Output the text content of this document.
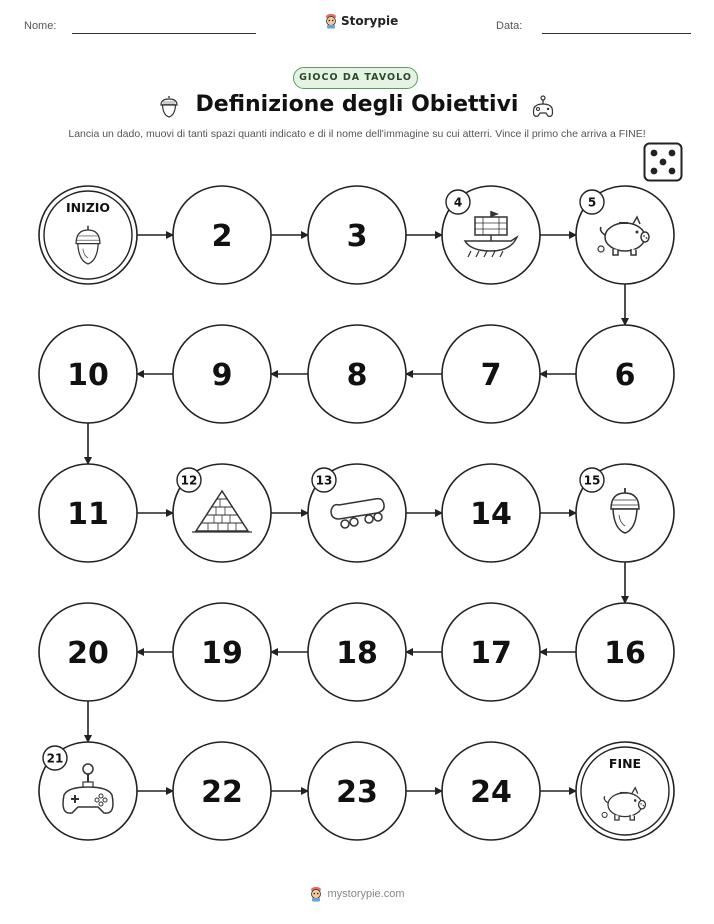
Nome:	Storypie	Data:
GIOCO DA TAVOLO
Definizione degli Obiettivi
Lancia un dado, muovi di tanti spazi quanti indicato e di il nome dell'immagine su cui atterri. Vince il primo che arriva a FINE!
INIZIO
2	3
4	5
6
7
8
9
10
11
12	13
14
15
16
17
18
19
20
21
22	23	24
FINE
mystorypie.com
